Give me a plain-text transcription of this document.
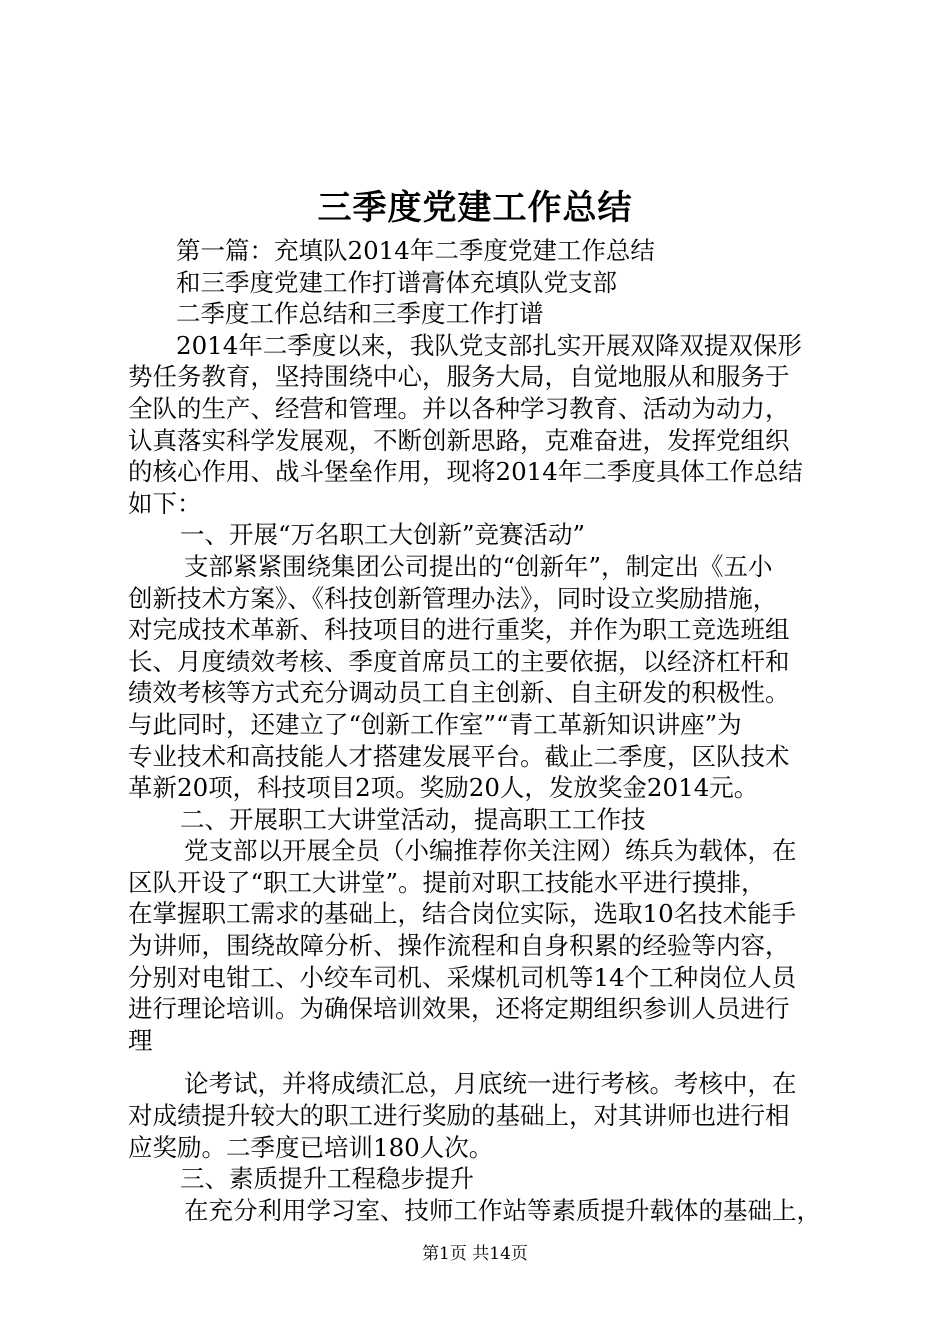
三季度党建工作总结
第一篇：充填队2014年二季度党建工作总结
和三季度党建工作打谱膏体充填队党支部
二季度工作总结和三季度工作打谱
2014年二季度以来，我队党支部扎实开展双降双提双保形
势任务教育，坚持围绕中心，服务大局，自觉地服从和服务于
全队的生产、经营和管理。并以各种学习教育、活动为动力，
认真落实科学发展观，不断创新思路，克难奋进，发挥党组织
的核心作用、战斗堡垒作用，现将2014年二季度具体工作总结
如下：
一、开展“万名职工大创新”竞赛活动”
支部紧紧围绕集团公司提出的“创新年”，制定出《五小
创新技术方案》、《科技创新管理办法》，同时设立奖励措施，
对完成技术革新、科技项目的进行重奖，并作为职工竞选班组
长、月度绩效考核、季度首席员工的主要依据，以经济杠杆和
绩效考核等方式充分调动员工自主创新、自主研发的积极性。
与此同时，还建立了“创新工作室”“青工革新知识讲座”为
专业技术和高技能人才搭建发展平台。截止二季度，区队技术
革新20项，科技项目2项。奖励20人，发放奖金2014元。
二、开展职工大讲堂活动，提高职工工作技
党支部以开展全员（小编推荐你关注网）练兵为载体，在
区队开设了“职工大讲堂”。提前对职工技能水平进行摸排，
在掌握职工需求的基础上，结合岗位实际，选取10名技术能手
为讲师，围绕故障分析、操作流程和自身积累的经验等内容，
分别对电钳工、小绞车司机、采煤机司机等14个工种岗位人员
进行理论培训。为确保培训效果，还将定期组织参训人员进行
理
论考试，并将成绩汇总，月底统一进行考核。考核中，在
对成绩提升较大的职工进行奖励的基础上，对其讲师也进行相
应奖励。二季度已培训180人次。
三、素质提升工程稳步提升
在充分利用学习室、技师工作站等素质提升载体的基础上，
第1页 共14页
